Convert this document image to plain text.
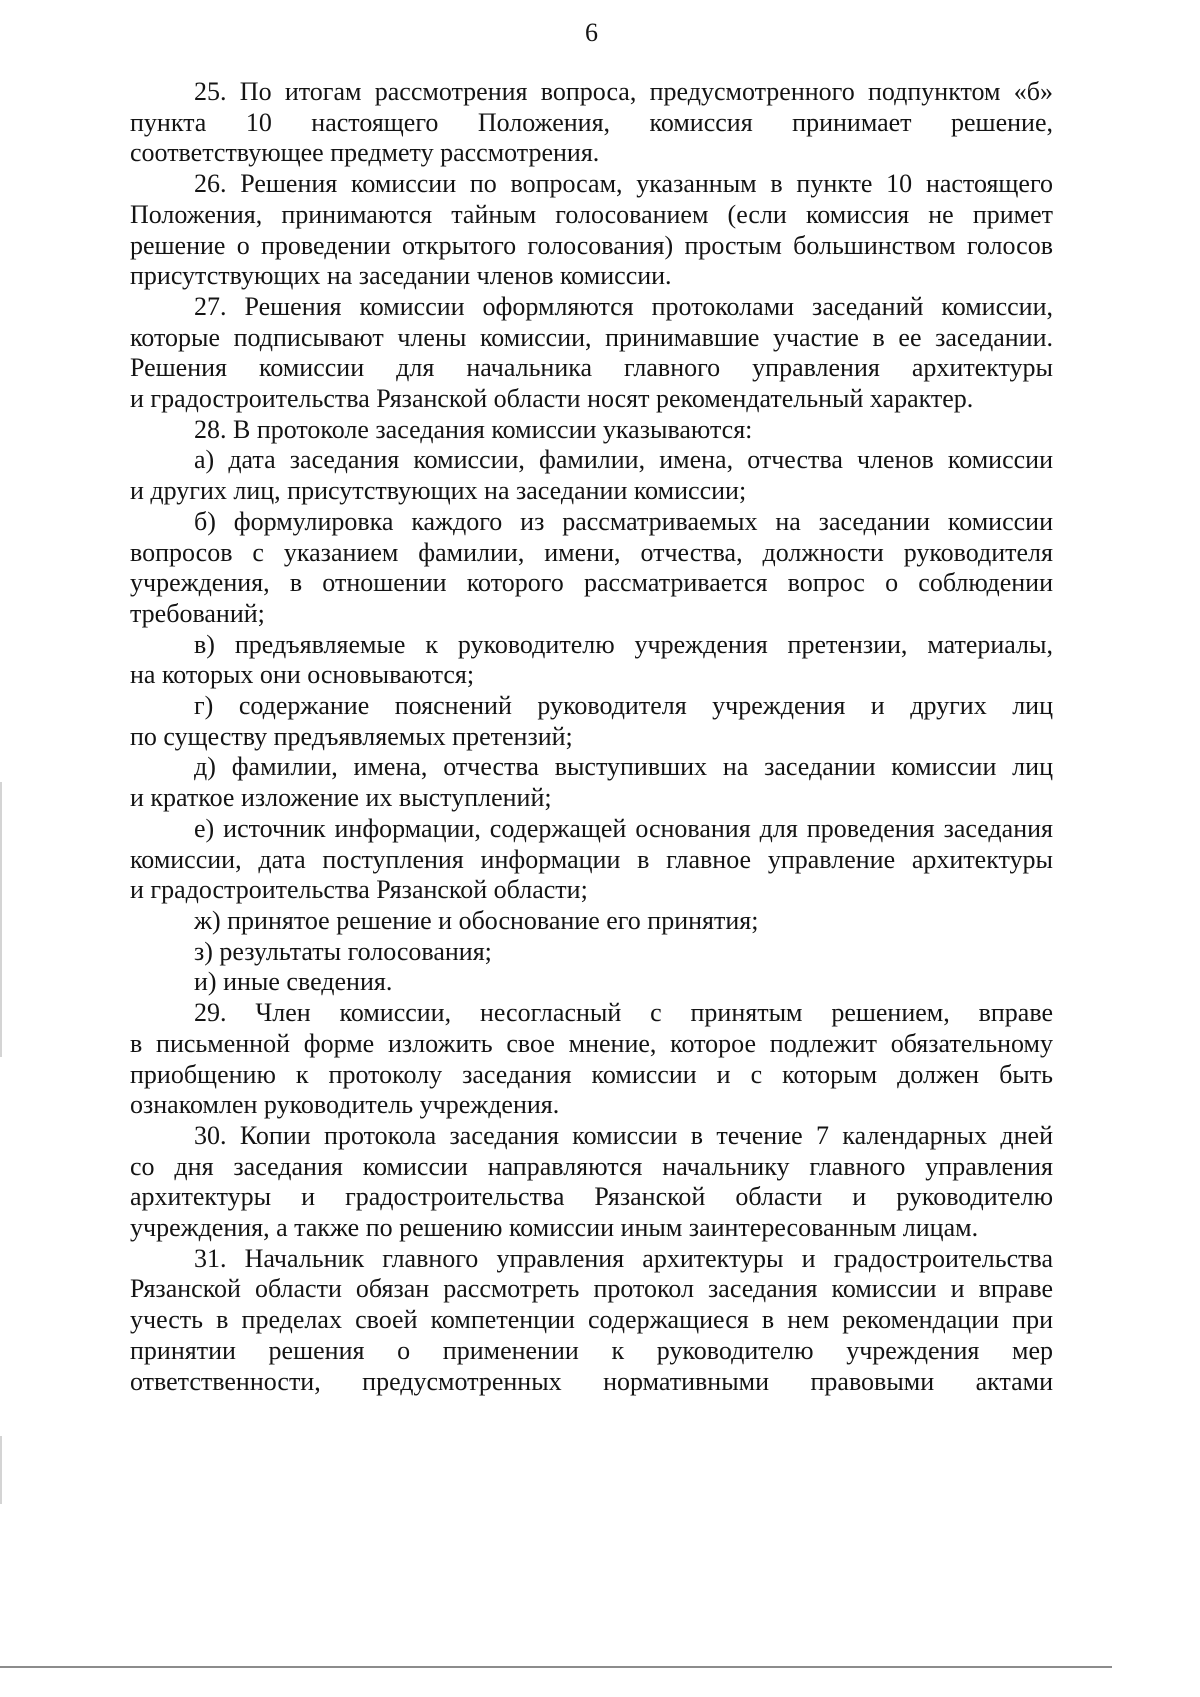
6
25. По итогам рассмотрения вопроса, предусмотренного подпунктом «б»
пункта 10 настоящего Положения, комиссия принимает решение,
соответствующее предмету рассмотрения.
26. Решения комиссии по вопросам, указанным в пункте 10 настоящего
Положения, принимаются тайным голосованием (если комиссия не примет
решение о проведении открытого голосования) простым большинством голосов
присутствующих на заседании членов комиссии.
27. Решения комиссии оформляются протоколами заседаний комиссии,
которые подписывают члены комиссии, принимавшие участие в ее заседании.
Решения комиссии для начальника главного управления архитектуры
и градостроительства Рязанской области носят рекомендательный характер.
28. В протоколе заседания комиссии указываются:
а) дата заседания комиссии, фамилии, имена, отчества членов комиссии
и других лиц, присутствующих на заседании комиссии;
б) формулировка каждого из рассматриваемых на заседании комиссии
вопросов с указанием фамилии, имени, отчества, должности руководителя
учреждения, в отношении которого рассматривается вопрос о соблюдении
требований;
в) предъявляемые к руководителю учреждения претензии, материалы,
на которых они основываются;
г) содержание пояснений руководителя учреждения и других лиц
по существу предъявляемых претензий;
д) фамилии, имена, отчества выступивших на заседании комиссии лиц
и краткое изложение их выступлений;
е) источник информации, содержащей основания для проведения заседания
комиссии, дата поступления информации в главное управление архитектуры
и градостроительства Рязанской области;
ж) принятое решение и обоснование его принятия;
з) результаты голосования;
и) иные сведения.
29. Член комиссии, несогласный с принятым решением, вправе
в письменной форме изложить свое мнение, которое подлежит обязательному
приобщению к протоколу заседания комиссии и с которым должен быть
ознакомлен руководитель учреждения.
30. Копии протокола заседания комиссии в течение 7 календарных дней
со дня заседания комиссии направляются начальнику главного управления
архитектуры и градостроительства Рязанской области и руководителю
учреждения, а также по решению комиссии иным заинтересованным лицам.
31. Начальник главного управления архитектуры и градостроительства
Рязанской области обязан рассмотреть протокол заседания комиссии и вправе
учесть в пределах своей компетенции содержащиеся в нем рекомендации при
принятии решения о применении к руководителю учреждения мер
ответственности, предусмотренных нормативными правовыми актами
